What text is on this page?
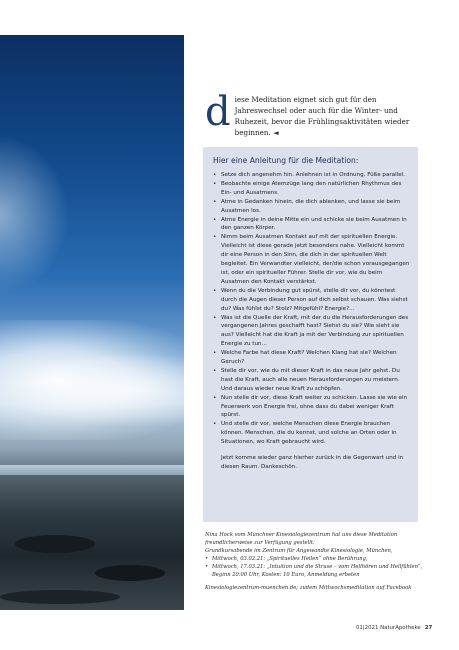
d iese Meditation eignet sich gut für den Jahreswechsel oder auch für die Winter- und Ruhezeit, bevor die Frühlingsaktivitäten wieder beginnen. ◄

Hier eine Anleitung für die Meditation:
• Setze dich angenehm hin. Anlehnen ist in Ordnung, Füße parallel.
• Beobachte einige Atemzüge lang den natürlichen Rhythmus des Ein- und Ausatmens.
• Atme in Gedanken hinein, die dich ablenken, und lasse sie beim Ausatmen los.
• Atme Energie in deine Mitte ein und schicke sie beim Ausatmen in den ganzen Körper.
• Nimm beim Ausatmen Kontakt auf mit der spirituellen Energie. Vielleicht ist diese gerade jetzt besonders nahe. Vielleicht kommt dir eine Person in den Sinn, die dich in der spirituellen Welt begleitet. Ein Verwandter vielleicht, der/die schon vorausgegangen ist, oder ein spiritueller Führer. Stelle dir vor, wie du beim Ausatmen den Kontakt verstärkst.
• Wenn du die Verbindung gut spürst, stelle dir vor, du könntest durch die Augen dieser Person auf dich selbst schauen. Was siehst du? Was fühlst du? Stolz? Mitgefühl? Energie?...
• Was ist die Quelle der Kraft, mit der du die Herausforderungen des vergangenen Jahres geschafft hast? Siehst du sie? Wie sieht sie aus? Vielleicht hat die Kraft ja mit der Verbindung zur spirituellen Energie zu tun...
• Welche Farbe hat diese Kraft? Welchen Klang hat sie? Welchen Geruch?
• Stelle dir vor, wie du mit dieser Kraft in das neue Jahr gehst. Du hast die Kraft, auch alle neuen Herausforderungen zu meistern. Und daraus wieder neue Kraft zu schöpfen.
• Nun stelle dir vor, diese Kraft weiter zu schicken. Lasse sie wie ein Feuerwerk von Energie frei, ohne dass du dabei weniger Kraft spürst.
• Und stelle dir vor, welche Menschen diese Energie brauchen können. Menschen, die du kennst, und solche an Orten oder in Situationen, wo Kraft gebraucht wird.

Jetzt komme wieder ganz hierher zurück in die Gegenwart und in diesen Raum. Dankeschön.

Nina Hock vom Münchner Kinesiologiezentrum hat uns diese Meditation freundlicherweise zur Verfügung gestellt:

Grundkursabende im Zentrum für Angewandte Kinesiologie, München,

• Mittwoch, 03.02.21: „Spirituelles Heilen“ ohne Berührung,
• Mittwoch, 17.03.21: „Intuition und die Struse – vom Hellhören und Hellfühlen“, Beginn 20:00 Uhr, Kosten: 10 Euro, Anmeldung erbeten

Kinesiologiezentrum-muenchen.de; zudem Mittwochsmeditation auf Facebook

01|2021 NaturApotheke 27
